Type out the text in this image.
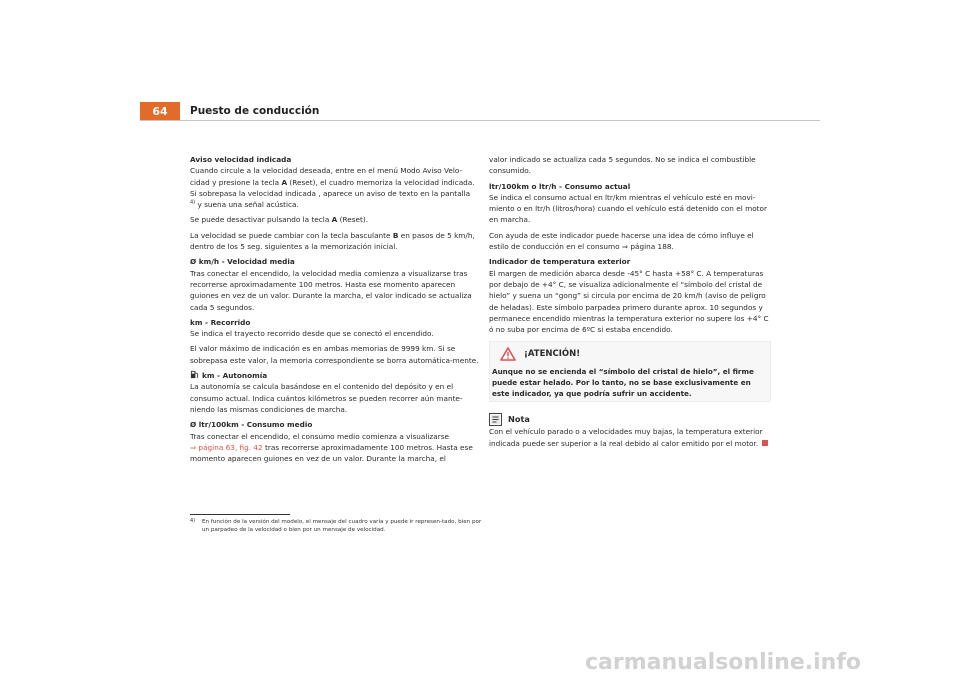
64	Puesto de conducción
Aviso velocidad indicada

Cuando circule a la velocidad deseada, entre en el menú Modo Aviso Velo-cidad y presione la tecla A (Reset), el cuadro memoriza la velocidad indicada. Si sobrepasa la velocidad indicada , aparece un aviso de texto en la pantalla
$^{4)}$ y suena una señal acústica.

Se puede desactivar pulsando la tecla A (Reset).

La velocidad se puede cambiar con la tecla basculante B en pasos de 5 km/h, dentro de los 5 seg. siguientes a la memorización inicial.

Ø km/h - Velocidad media

Tras conectar el encendido, la velocidad media comienza a visualizarse tras recorrerse aproximadamente 100 metros. Hasta ese momento aparecen guiones en vez de un valor. Durante la marcha, el valor indicado se actualiza cada 5 segundos.

km - Recorrido

Se indica el trayecto recorrido desde que se conectó el encendido.

El valor máximo de indicación es en ambas memorias de 9999 km. Si se sobrepasa este valor, la memoria correspondiente se borra automática-mente.

km - Autonomía

La autonomía se calcula basándose en el contenido del depósito y en el consumo actual. Indica cuántos kilómetros se pueden recorrer aún mante-niendo las mismas condiciones de marcha.

Ø ltr/100km - Consumo medio

Tras conectar el encendido, el consumo medio comienza a visualizarse
⇒ página 63, fig. 42 tras recorrerse aproximadamente 100 metros. Hasta ese momento aparecen guiones en vez de un valor. Durante la marcha, el

valor indicado se actualiza cada 5 segundos. No se indica el combustible consumido.

ltr/100km o ltr/h - Consumo actual

Se indica el consumo actual en ltr/km mientras el vehículo esté en movi-miento o en ltr/h (litros/hora) cuando el vehículo está detenido con el motor en marcha.

Con ayuda de este indicador puede hacerse una idea de cómo influye el estilo de conducción en el consumo ⇒ página 188.

Indicador de temperatura exterior

El margen de medición abarca desde -45° C hasta +58° C. A temperaturas por debajo de +4° C, se visualiza adicionalmente el “símbolo del cristal de hielo” y suena un “gong” si circula por encima de 20 km/h (aviso de peligro de heladas). Este símbolo parpadea primero durante aprox. 10 segundos y permanece encendido mientras la temperatura exterior no supere los +4° C ó no suba por encima de 6ºC si estaba encendido.

¡ATENCIÓN!
Aunque no se encienda el “símbolo del cristal de hielo”, el firme puede estar helado. Por lo tanto, no se base exclusivamente en este indicador, ya que podría sufrir un accidente.
Nota

Con el vehículo parado o a velocidades muy bajas, la temperatura exterior indicada puede ser superior a la real debido al calor emitido por el motor.

4)	En función de la versión del modelo, el mensaje del cuadro varía y puede ir represen-tado, bien por un parpadeo de la velocidad o bien por un mensaje de velocidad.
carmanualsonline.info
